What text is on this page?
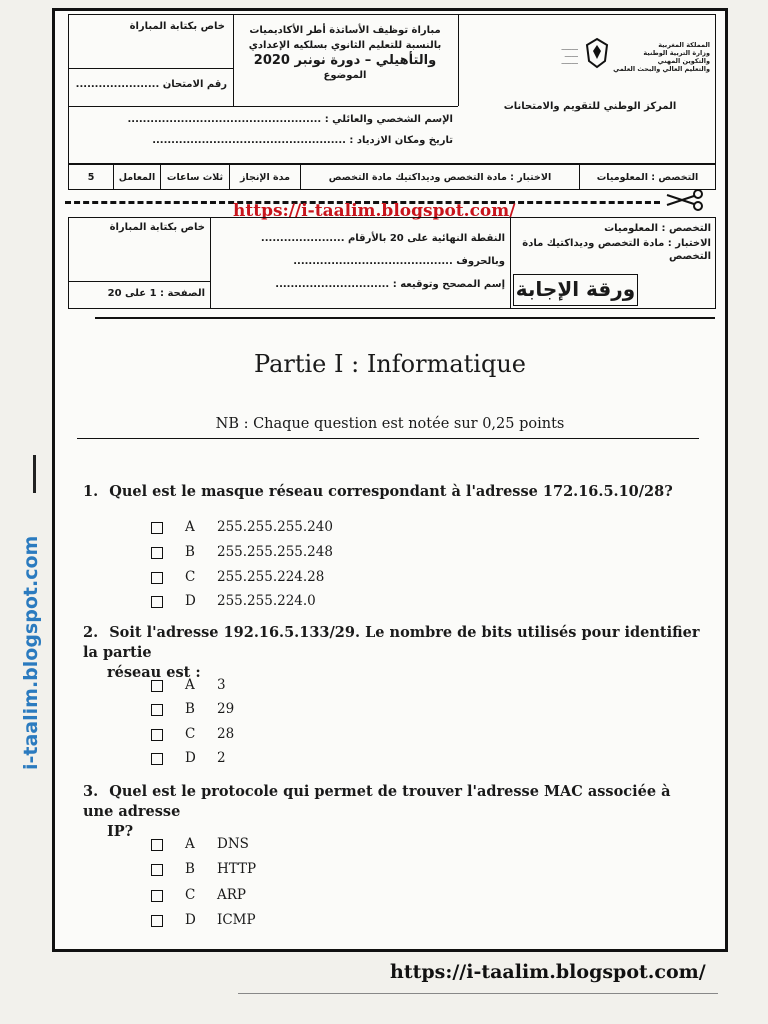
i-taalim.blogspot.com
خاص بكتابة المباراة
رقم الامتحان ......................
مباراة توظيف الأساتذة أطر الأكاديميات
بالنسبة للتعليم الثانوي بسلكيه الإعدادي
والتأهيلي – دورة نونبر 2020
الموضوع
المملكة المغربية
وزارة التربية الوطنية
والتكوين المهني
والتعليم العالي والبحث العلمي
─────
────
─────
المركز الوطني للتقويم والامتحانات
الإسم الشخصي والعائلي : ...................................................
تاريخ ومكان الازدياد : ...................................................
5	المعامل	ثلاث ساعات	مدة الإنجاز	الاختبار : مادة التخصص وديداكتيك مادة التخصص	التخصص : المعلوميات
https://i-taalim.blogspot.com/
خاص بكتابة المباراة
الصفحة : 1 على 20
النقطة النهائية على 20 بالأرقام ......................
وبالحروف ..........................................
إسم المصحح وتوقيعه : ..............................
التخصص : المعلوميات
الاختبار : مادة التخصص وديداكتيك مادة التخصص
ورقة الإجابة
Partie I : Informatique
NB : Chaque question est notée sur 0,25 points
1. Quel est le masque réseau correspondant à l'adresse 172.16.5.10/28?
A 255.255.255.240
B 255.255.255.248
C 255.255.224.28
D 255.255.224.0
2. Soit l'adresse 192.16.5.133/29. Le nombre de bits utilisés pour identifier la partie
réseau est :
A 3
B 29
C 28
D 2
3. Quel est le protocole qui permet de trouver l'adresse MAC associée à une adresse
IP?
A DNS
B HTTP
C ARP
D ICMP
https://i-taalim.blogspot.com/
